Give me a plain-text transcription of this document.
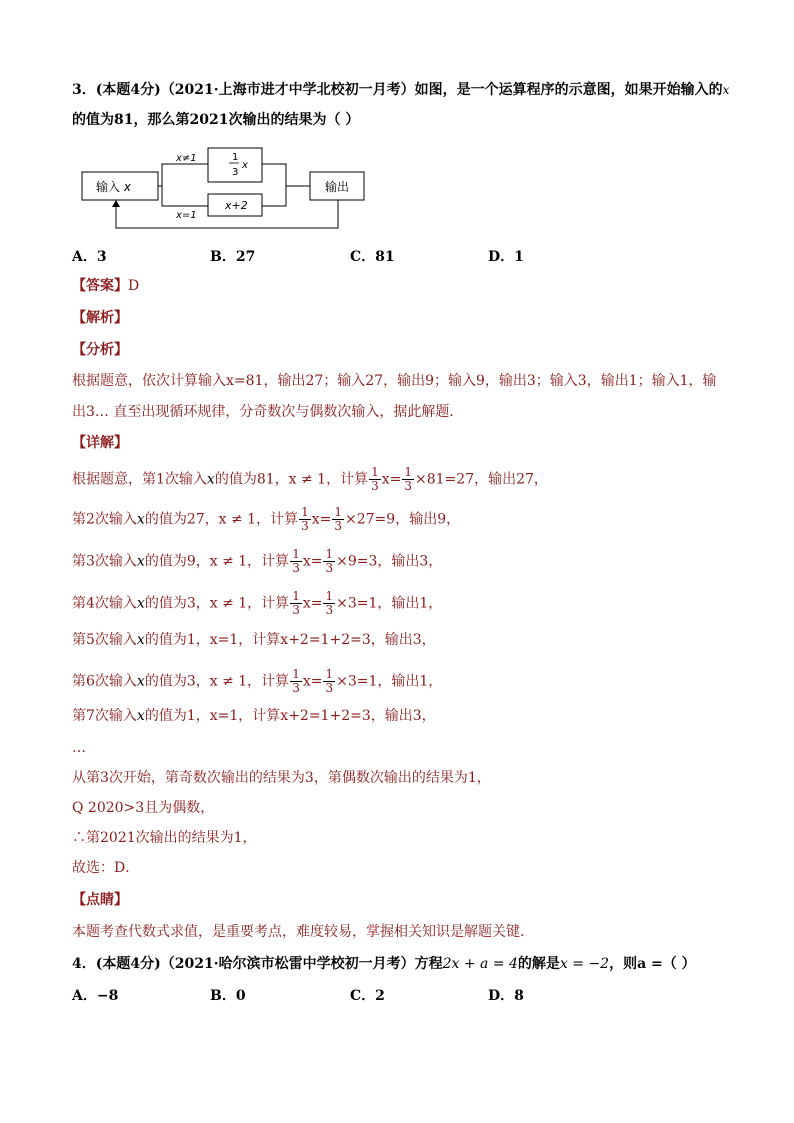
3．(本题4分)（2021·上海市进才中学北校初一月考）如图，是一个运算程序的示意图，如果开始输入的x
的值为81，那么第2021次输出的结果为（ ）
输入 x
x≠1
x=1
1
3
x
x+2
输出
A．3	B．27	C．81	D．1
【答案】D
【解析】
【分析】
根据题意，依次计算输入x=81，输出27；输入27，输出9；输入9，输出3；输入3，输出1；输入1，输
出3… 直至出现循环规律，分奇数次与偶数次输入，据此解题．
【详解】
根据题意，第1次输入x的值为81，x ≠ 1，计算 $\frac{1}{3} x= \frac{1}{3} \times 81=27$，输出27，
第2次输入x的值为27，x ≠ 1，计算 $\frac{1}{3} x= \frac{1}{3} \times 27=9$，输出9，
第3次输入x的值为9，x ≠ 1，计算 $\frac{1}{3} x= \frac{1}{3} \times 9=3$，输出3，
第4次输入x的值为3，x ≠ 1，计算 $\frac{1}{3} x= \frac{1}{3} \times 3=1$，输出1，
第5次输入x的值为1，x=1，计算x+2=1+2=3，输出3，
第6次输入x的值为3，x ≠ 1，计算 $\frac{1}{3} x= \frac{1}{3} \times 3=1$，输出1，
第7次输入x的值为1，x=1，计算x+2=1+2=3，输出3，
…
从第3次开始，第奇数次输出的结果为3，第偶数次输出的结果为1，
Q 2020>3且为偶数，
∴第2021次输出的结果为1，
故选：D．
【点睛】
本题考查代数式求值，是重要考点，难度较易，掌握相关知识是解题关键．
4．(本题4分)（2021·哈尔滨市松雷中学校初一月考）方程2x + a = 4的解是x = −2，则a =（ ）
A．−8	B．0	C．2	D．8
